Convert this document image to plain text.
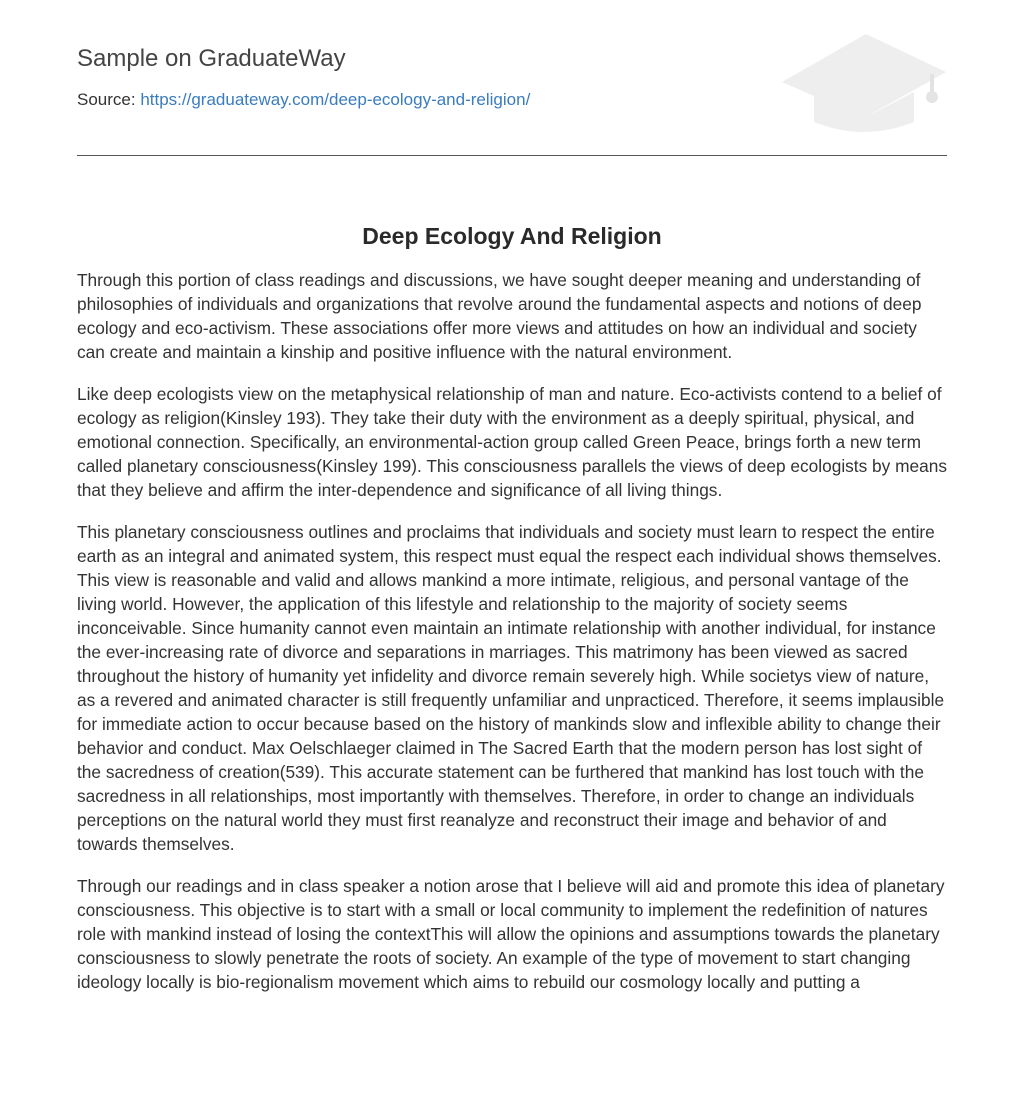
Sample on GraduateWay
Source: https://graduateway.com/deep-ecology-and-religion/
Deep Ecology And Religion

Through this portion of class readings and discussions, we have sought deeper meaning and understanding of philosophies of individuals and organizations that revolve around the fundamental aspects and notions of deep ecology and eco-activism. These associations offer more views and attitudes on how an individual and society can create and maintain a kinship and positive influence with the natural environment.

Like deep ecologists view on the metaphysical relationship of man and nature. Eco-activists contend to a belief of ecology as religion(Kinsley 193). They take their duty with the environment as a deeply spiritual, physical, and emotional connection. Specifically, an environmental-action group called Green Peace, brings forth a new term called planetary consciousness(Kinsley 199). This consciousness parallels the views of deep ecologists by means that they believe and affirm the inter-dependence and significance of all living things.

This planetary consciousness outlines and proclaims that individuals and society must learn to respect the entire earth as an integral and animated system, this respect must equal the respect each individual shows themselves. This view is reasonable and valid and allows mankind a more intimate, religious, and personal vantage of the living world. However, the application of this lifestyle and relationship to the majority of society seems inconceivable. Since humanity cannot even maintain an intimate relationship with another individual, for instance the ever-increasing rate of divorce and separations in marriages. This matrimony has been viewed as sacred throughout the history of humanity yet infidelity and divorce remain severely high. While societys view of nature, as a revered and animated character is still frequently unfamiliar and unpracticed. Therefore, it seems implausible for immediate action to occur because based on the history of mankinds slow and inflexible ability to change their behavior and conduct. Max Oelschlaeger claimed in The Sacred Earth that the modern person has lost sight of the sacredness of creation(539). This accurate statement can be furthered that mankind has lost touch with the sacredness in all relationships, most importantly with themselves. Therefore, in order to change an individuals perceptions on the natural world they must first reanalyze and reconstruct their image and behavior of and towards themselves.

Through our readings and in class speaker a notion arose that I believe will aid and promote this idea of planetary consciousness. This objective is to start with a small or local community to implement the redefinition of natures role with mankind instead of losing the contextThis will allow the opinions and assumptions towards the planetary consciousness to slowly penetrate the roots of society. An example of the type of movement to start changing ideology locally is bio-regionalism movement which aims to rebuild our cosmology locally and putting a
